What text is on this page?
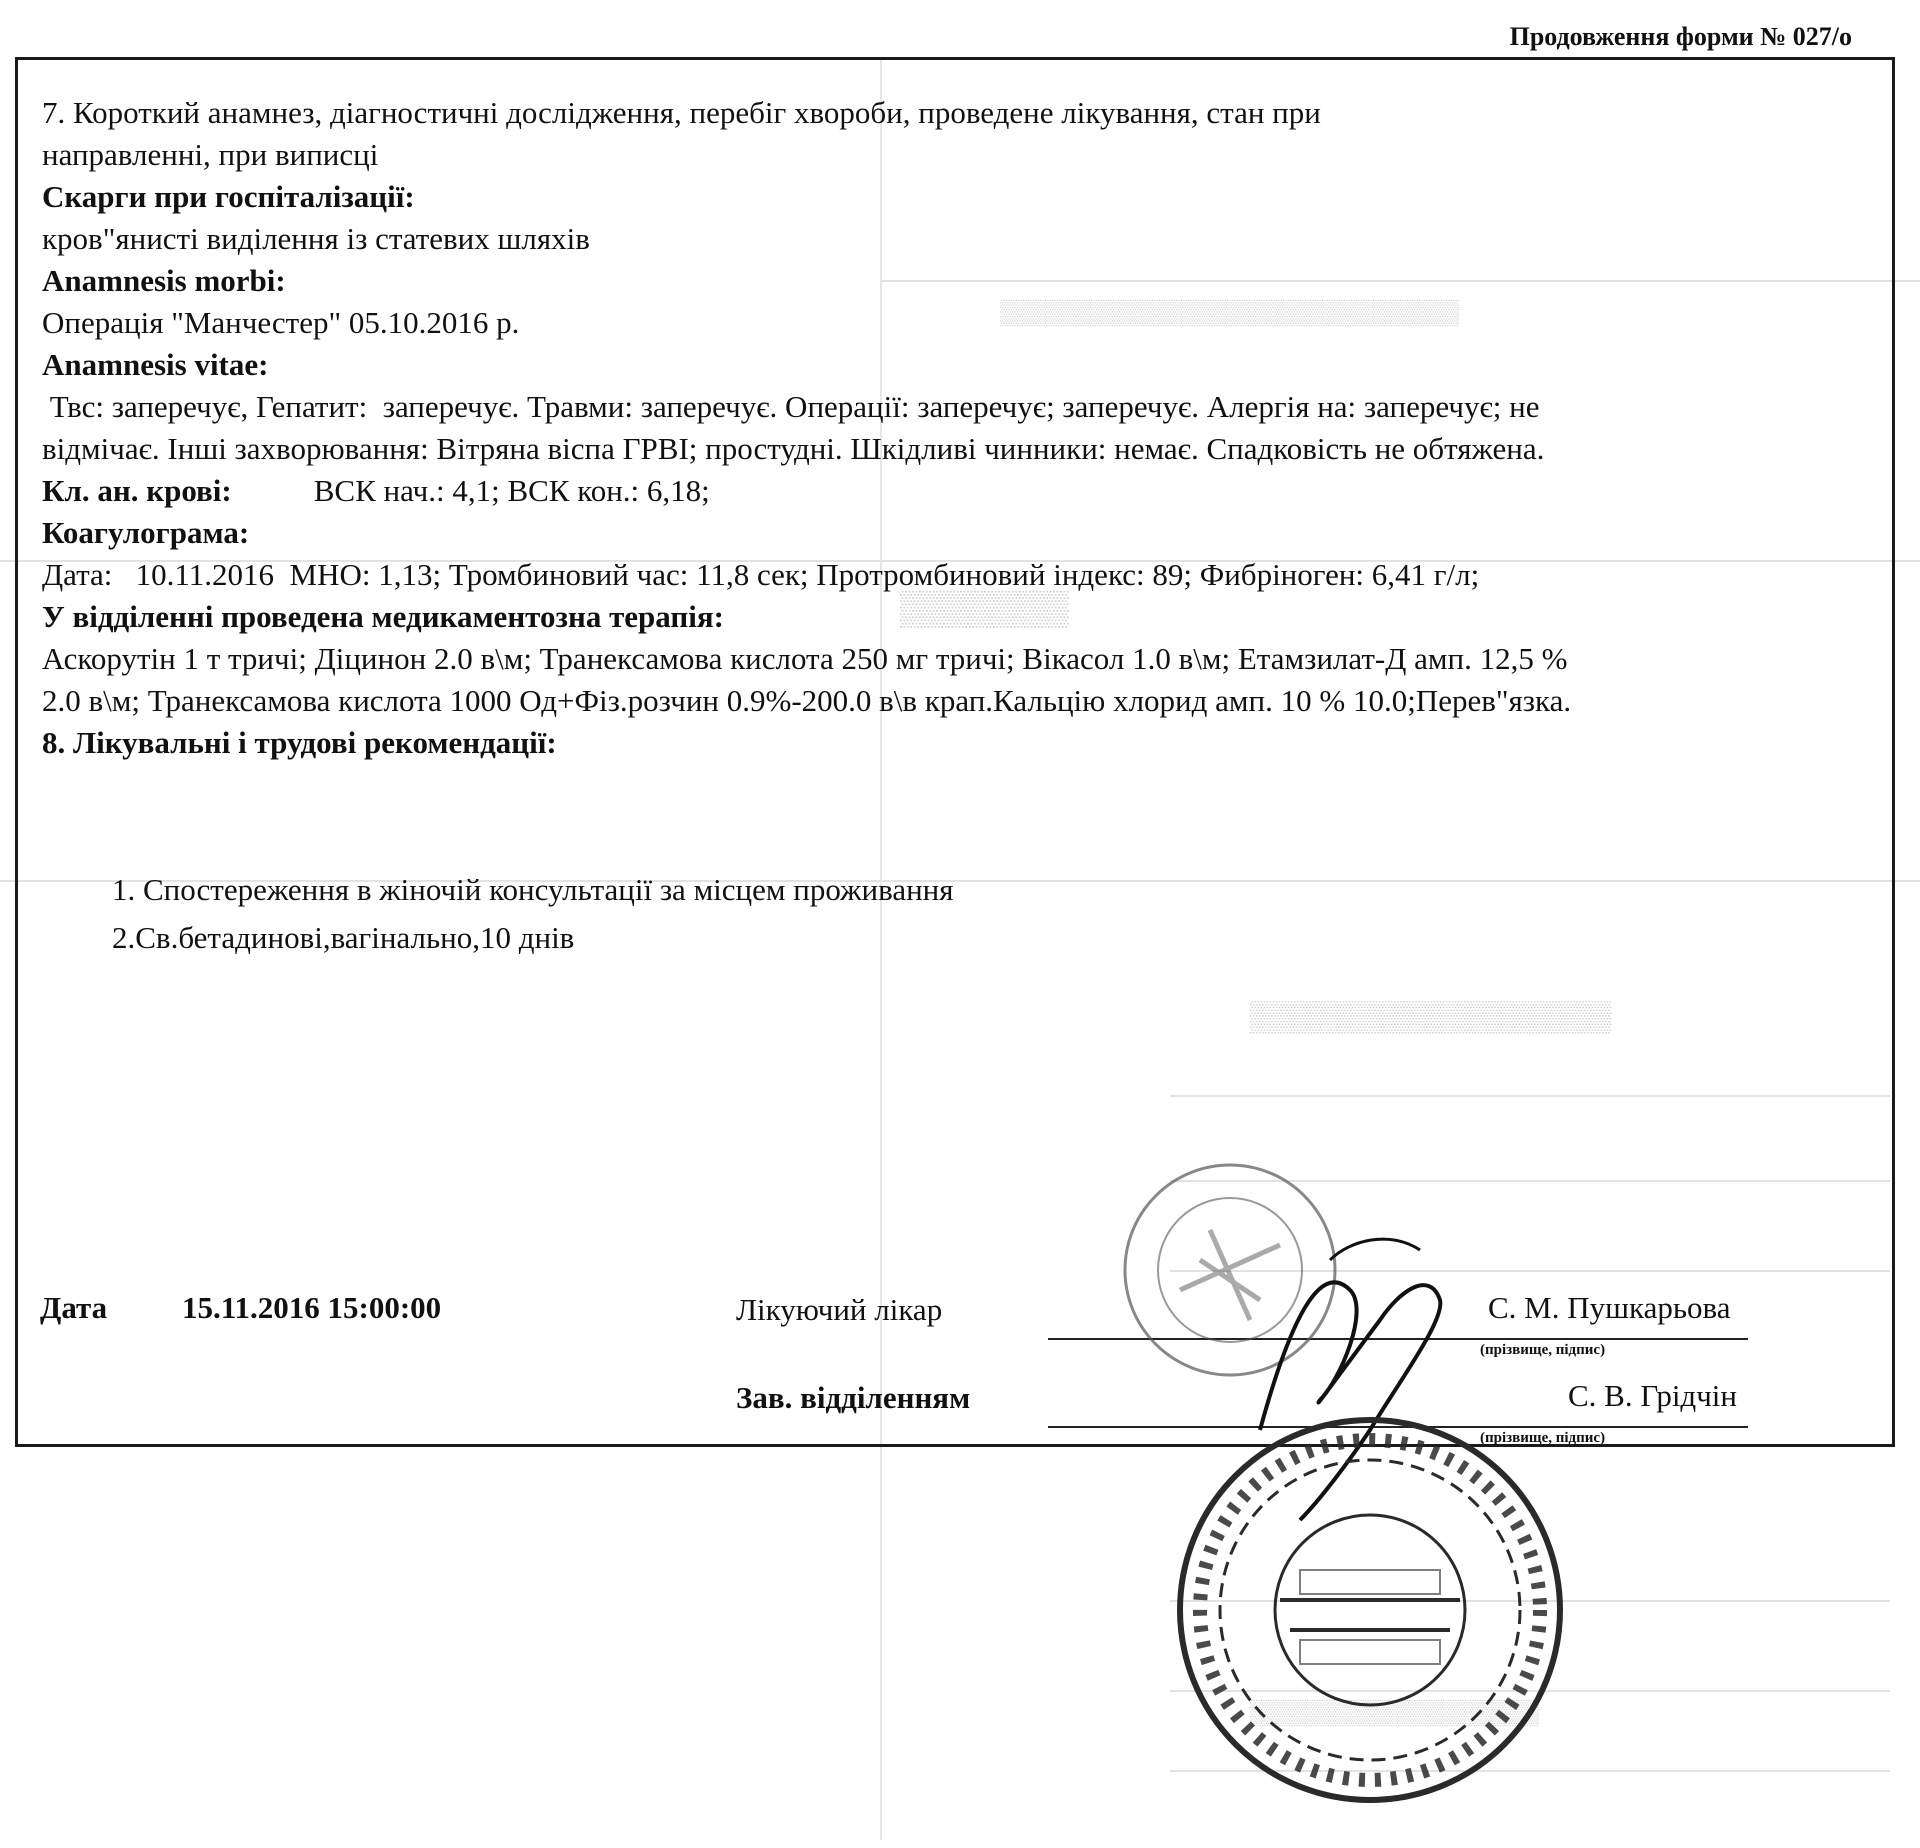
▒▒▒▒▒▒▒▒▒▒▒▒▒▒▒▒▒▒▒▒▒▒▒▒▒▒▒
▒▒▒▒▒▒▒
▒▒▒▒▒▒▒▒▒▒▒▒▒▒▒▒▒
▒▒▒▒▒▒▒▒▒▒▒▒▒▒▒▒▒
Продовження форми № 027/о
7. Короткий анамнез, діагностичні дослідження, перебіг хвороби, проведене лікування, стан при
направленні, при виписці
Скарги при госпіталізації:
кров"янисті виділення із статевих шляхів
Anamnesis morbi:
Операція "Манчестер" 05.10.2016 р.
Anamnesis vitae:
Твс: заперечує, Гепатит:  заперечує. Травми: заперечує. Операції: заперечує; заперечує. Алергія на: заперечує; не
відмічає. Інші захворювання: Вітряна віспа ГРВІ; простудні. Шкідливі чинники: немає. Спадковість не обтяжена.
Кл. ан. крові:	ВСК нач.: 4,1; ВСК кон.: 6,18;
Коагулограма:
Дата:   10.11.2016  МНО: 1,13; Тромбиновий час: 11,8 сек; Протромбиновий індекс: 89; Фибріноген: 6,41 г/л;
У відділенні проведена медикаментозна терапія:
Аскорутін 1 т тричі; Діцинон 2.0 в\м; Транексамова кислота 250 мг тричі; Вікасол 1.0 в\м; Етамзилат-Д амп. 12,5 %
2.0 в\м; Транексамова кислота 1000 Од+Фіз.розчин 0.9%-200.0 в\в крап.Кальцію хлорид амп. 10 % 10.0;Перев"язка.
8. Лікувальні і трудові рекомендації:
1. Спостереження в жіночій консультації за місцем проживання
2.Св.бетадинові,вагінально,10 днів
Дата 15.11.2016 15:00:00	Лікуючий лікар	С. М. Пушкарьова
(прізвище, підпис)
Зав. відділенням	С. В. Грідчін
(прізвище, підпис)
